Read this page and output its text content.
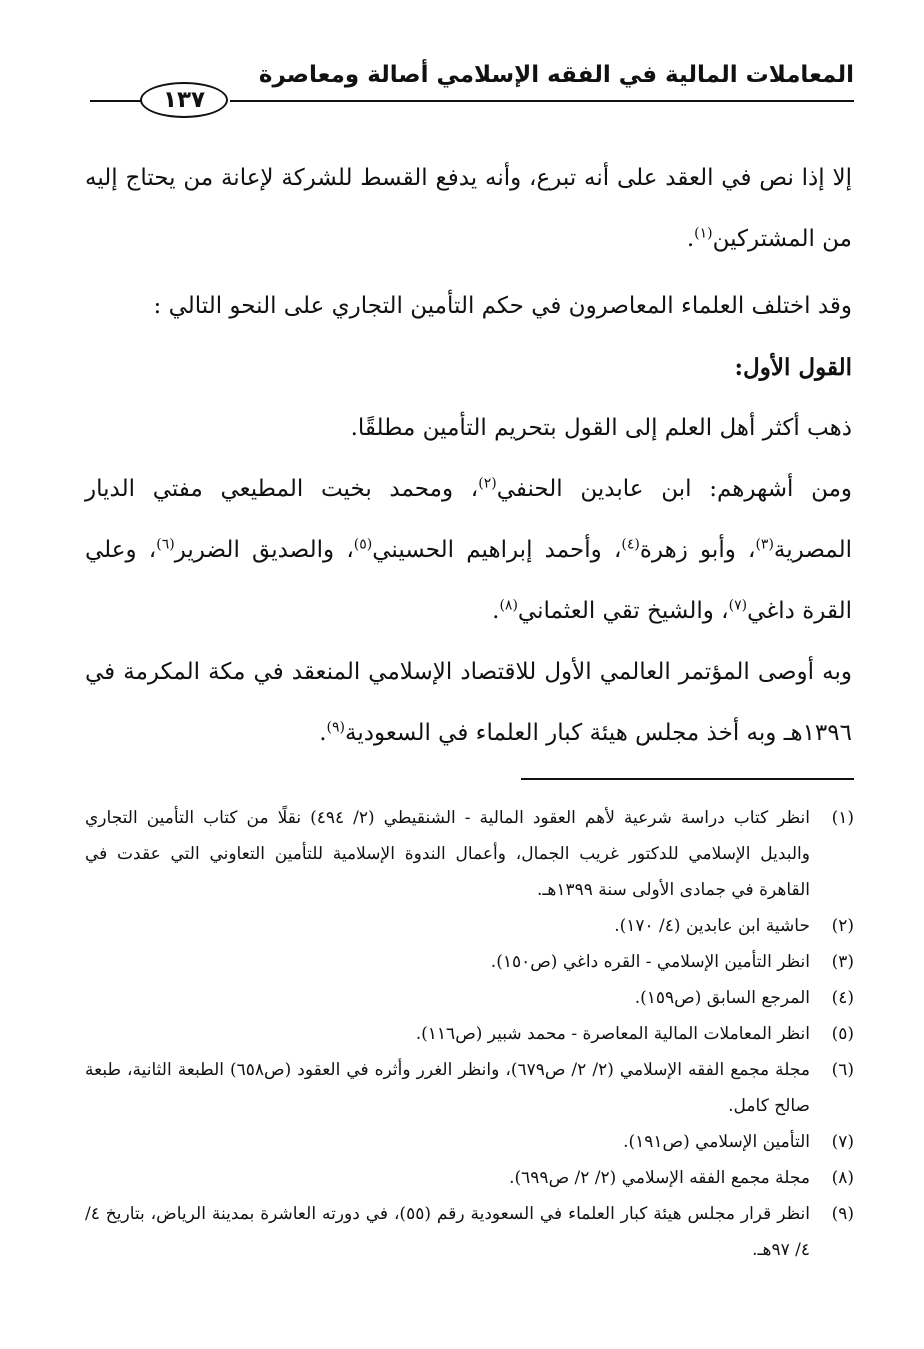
المعاملات المالية في الفقه الإسلامي أصالة ومعاصرة
١٣٧

إلا إذا نص في العقد على أنه تبرع، وأنه يدفع القسط للشركة لإعانة من يحتاج إليه من المشتركين$^{(١)}$.

وقد اختلف العلماء المعاصرون في حكم التأمين التجاري على النحو التالي :

القول الأول:

ذهب أكثر أهل العلم إلى القول بتحريم التأمين مطلقًا.

ومن أشهرهم: ابن عابدين الحنفي$^{(٢)}$، ومحمد بخيت المطيعي مفتي الديار المصرية$^{(٣)}$، وأبو زهرة$^{(٤)}$، وأحمد إبراهيم الحسيني$^{(٥)}$، والصديق الضرير$^{(٦)}$، وعلي القرة داغي$^{(٧)}$، والشيخ تقي العثماني$^{(٨)}$.

وبه أوصى المؤتمر العالمي الأول للاقتصاد الإسلامي المنعقد في مكة المكرمة في ١٣٩٦هـ وبه أخذ مجلس هيئة كبار العلماء في السعودية$^{(٩)}$.

(١)
انظر كتاب دراسة شرعية لأهم العقود المالية - الشنقيطي (٢/ ٤٩٤) نقلًا من كتاب التأمين التجاري والبديل الإسلامي للدكتور غريب الجمال، وأعمال الندوة الإسلامية للتأمين التعاوني التي عقدت في القاهرة في جمادى الأولى سنة ١٣٩٩هـ.
(٢)
حاشية ابن عابدين (٤/ ١٧٠).
(٣)
انظر التأمين الإسلامي - القره داغي (ص١٥٠).
(٤)
المرجع السابق (ص١٥٩).
(٥)
انظر المعاملات المالية المعاصرة - محمد شبير (ص١١٦).
(٦)
مجلة مجمع الفقه الإسلامي (٢/ ٢/ ص٦٧٩)، وانظر الغرر وأثره في العقود (ص٦٥٨) الطبعة الثانية، طبعة صالح كامل.
(٧)
التأمين الإسلامي (ص١٩١).
(٨)
مجلة مجمع الفقه الإسلامي (٢/ ٢/ ص٦٩٩).
(٩)
انظر قرار مجلس هيئة كبار العلماء في السعودية رقم (٥٥)، في دورته العاشرة بمدينة الرياض، بتاريخ ٤/ ٤/ ٩٧هـ.
